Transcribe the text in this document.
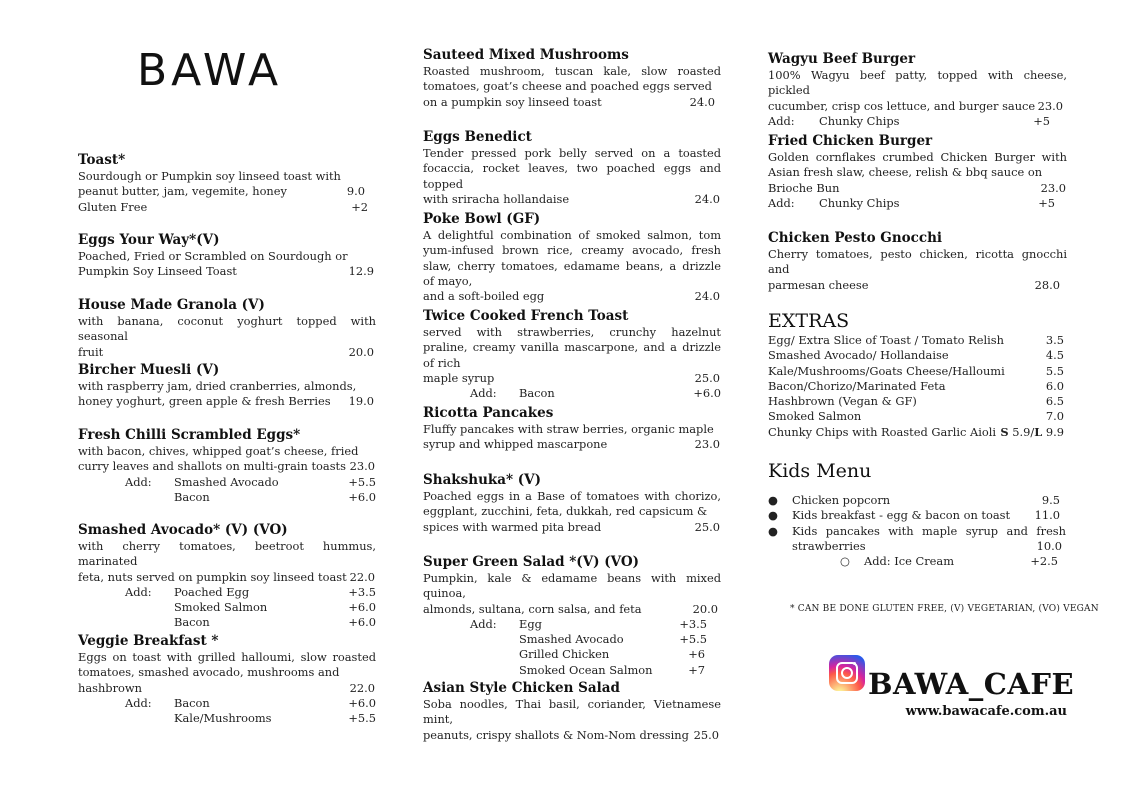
BAWA
Toast*
Sourdough or Pumpkin soy linseed toast with
peanut butter, jam, vegemite, honey	9.0
Gluten Free	+2
Eggs Your Way*(V)
Poached, Fried or Scrambled on Sourdough or
Pumpkin Soy Linseed Toast	12.9
House Made Granola (V)
with banana, coconut yoghurt topped with seasonal
fruit	20.0
Bircher Muesli (V)
with raspberry jam, dried cranberries, almonds,
honey yoghurt, green apple & fresh Berries 19.0
Fresh Chilli Scrambled Eggs*
with bacon, chives, whipped goat’s cheese, fried
curry leaves and shallots on multi-grain toasts 23.0
Add: Smashed Avocado	+5.5
Bacon	+6.0
Smashed Avocado* (V) (VO)
with cherry tomatoes, beetroot hummus, marinated
feta, nuts served on pumpkin soy linseed toast 22.0
Add: Poached Egg	+3.5
Smoked Salmon	+6.0
Bacon	+6.0
Veggie Breakfast *
Eggs on toast with grilled halloumi, slow roasted tomatoes, smashed avocado, mushrooms and
hashbrown	22.0
Add: Bacon	+6.0
Kale/Mushrooms	+5.5
Sauteed Mixed Mushrooms
Roasted mushroom, tuscan kale, slow roasted tomatoes, goat’s cheese and poached eggs served
on a pumpkin soy linseed toast	24.0
Eggs Benedict
Tender pressed pork belly served on a toasted focaccia, rocket leaves, two poached eggs and topped
with sriracha hollandaise	24.0
Poke Bowl (GF)
A delightful combination of smoked salmon, tom yum-infused brown rice, creamy avocado, fresh slaw, cherry tomatoes, edamame beans, a drizzle of mayo,
and a soft-boiled egg	24.0
Twice Cooked French Toast
served with strawberries, crunchy hazelnut praline, creamy vanilla mascarpone, and a drizzle of rich
maple syrup	25.0
Add: Bacon	+6.0
Ricotta Pancakes
Fluffy pancakes with straw berries, organic maple
syrup and whipped mascarpone	23.0
Shakshuka* (V)
Poached eggs in a Base of tomatoes with chorizo, eggplant, zucchini, feta, dukkah, red capsicum &
spices with warmed pita bread	25.0
Super Green Salad *(V) (VO)
Pumpkin, kale & edamame beans with mixed quinoa,
almonds, sultana, corn salsa, and feta	20.0
Add: Egg	+3.5
Smashed Avocado	+5.5
Grilled Chicken	+6
Smoked Ocean Salmon	+7
Asian Style Chicken Salad
Soba noodles, Thai basil, coriander, Vietnamese mint,
peanuts, crispy shallots & Nom-Nom dressing 25.0
Wagyu Beef Burger
100% Wagyu beef patty, topped with cheese, pickled
cucumber, crisp cos lettuce, and burger sauce 23.0
Add: Chunky Chips	+5
Fried Chicken Burger
Golden cornflakes crumbed Chicken Burger with Asian fresh slaw, cheese, relish & bbq sauce on
Brioche Bun	23.0
Add: Chunky Chips	+5
Chicken Pesto Gnocchi
Cherry tomatoes, pesto chicken, ricotta gnocchi and
parmesan cheese	28.0
EXTRAS
Egg/ Extra Slice of Toast / Tomato Relish	3.5
Smashed Avocado/ Hollandaise	4.5
Kale/Mushrooms/Goats Cheese/Halloumi	5.5
Bacon/Chorizo/Marinated Feta	6.0
Hashbrown (Vegan & GF)	6.5
Smoked Salmon	7.0
Chunky Chips with Roasted Garlic Aioli S 5.9/L 9.9
Kids Menu
● Chicken popcorn	9.5
● Kids breakfast - egg & bacon on toast 11.0
● Kids pancakes with maple syrup and fresh
strawberries	10.0
○ Add: Ice Cream	+2.5
* CAN BE DONE GLUTEN FREE, (V) VEGETARIAN, (VO) VEGAN
BAWA_CAFE
www.bawacafe.com.au
